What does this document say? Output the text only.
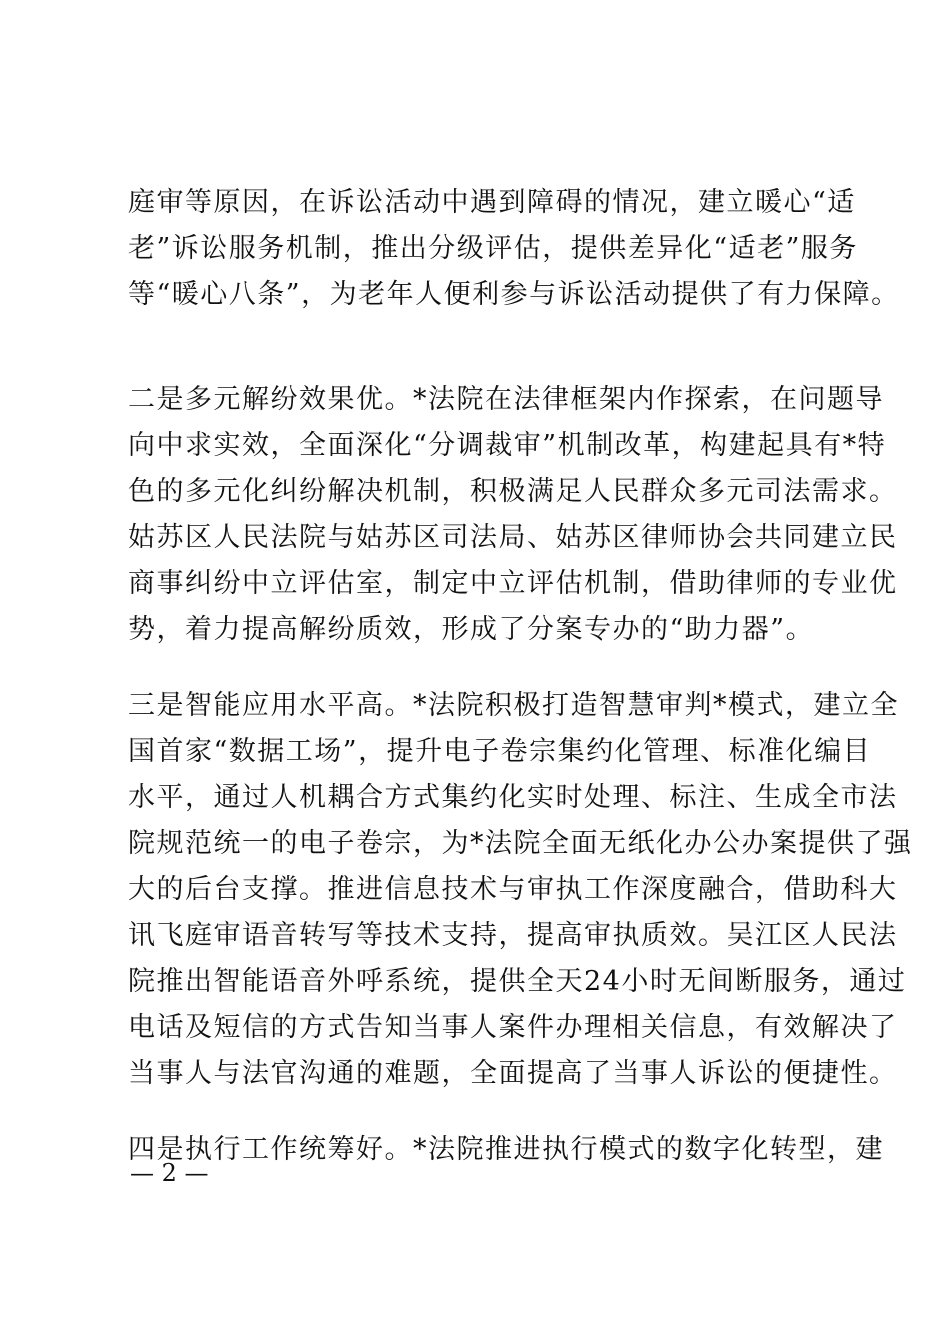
庭审等原因，在诉讼活动中遇到障碍的情况，建立暖心“适
老”诉讼服务机制，推出分级评估，提供差异化“适老”服务
等“暖心八条”，为老年人便利参与诉讼活动提供了有力保障。
二是多元解纷效果优。*法院在法律框架内作探索，在问题导
向中求实效，全面深化“分调裁审”机制改革，构建起具有*特
色的多元化纠纷解决机制，积极满足人民群众多元司法需求。
姑苏区人民法院与姑苏区司法局、姑苏区律师协会共同建立民
商事纠纷中立评估室，制定中立评估机制，借助律师的专业优
势，着力提高解纷质效，形成了分案专办的“助力器”。
三是智能应用水平高。*法院积极打造智慧审判*模式，建立全
国首家“数据工场”，提升电子卷宗集约化管理、标准化编目
水平，通过人机耦合方式集约化实时处理、标注、生成全市法
院规范统一的电子卷宗，为*法院全面无纸化办公办案提供了强
大的后台支撑。推进信息技术与审执工作深度融合，借助科大
讯飞庭审语音转写等技术支持，提高审执质效。吴江区人民法
院推出智能语音外呼系统，提供全天24小时无间断服务，通过
电话及短信的方式告知当事人案件办理相关信息，有效解决了
当事人与法官沟通的难题，全面提高了当事人诉讼的便捷性。
四是执行工作统筹好。*法院推进执行模式的数字化转型，建
— 2 —
